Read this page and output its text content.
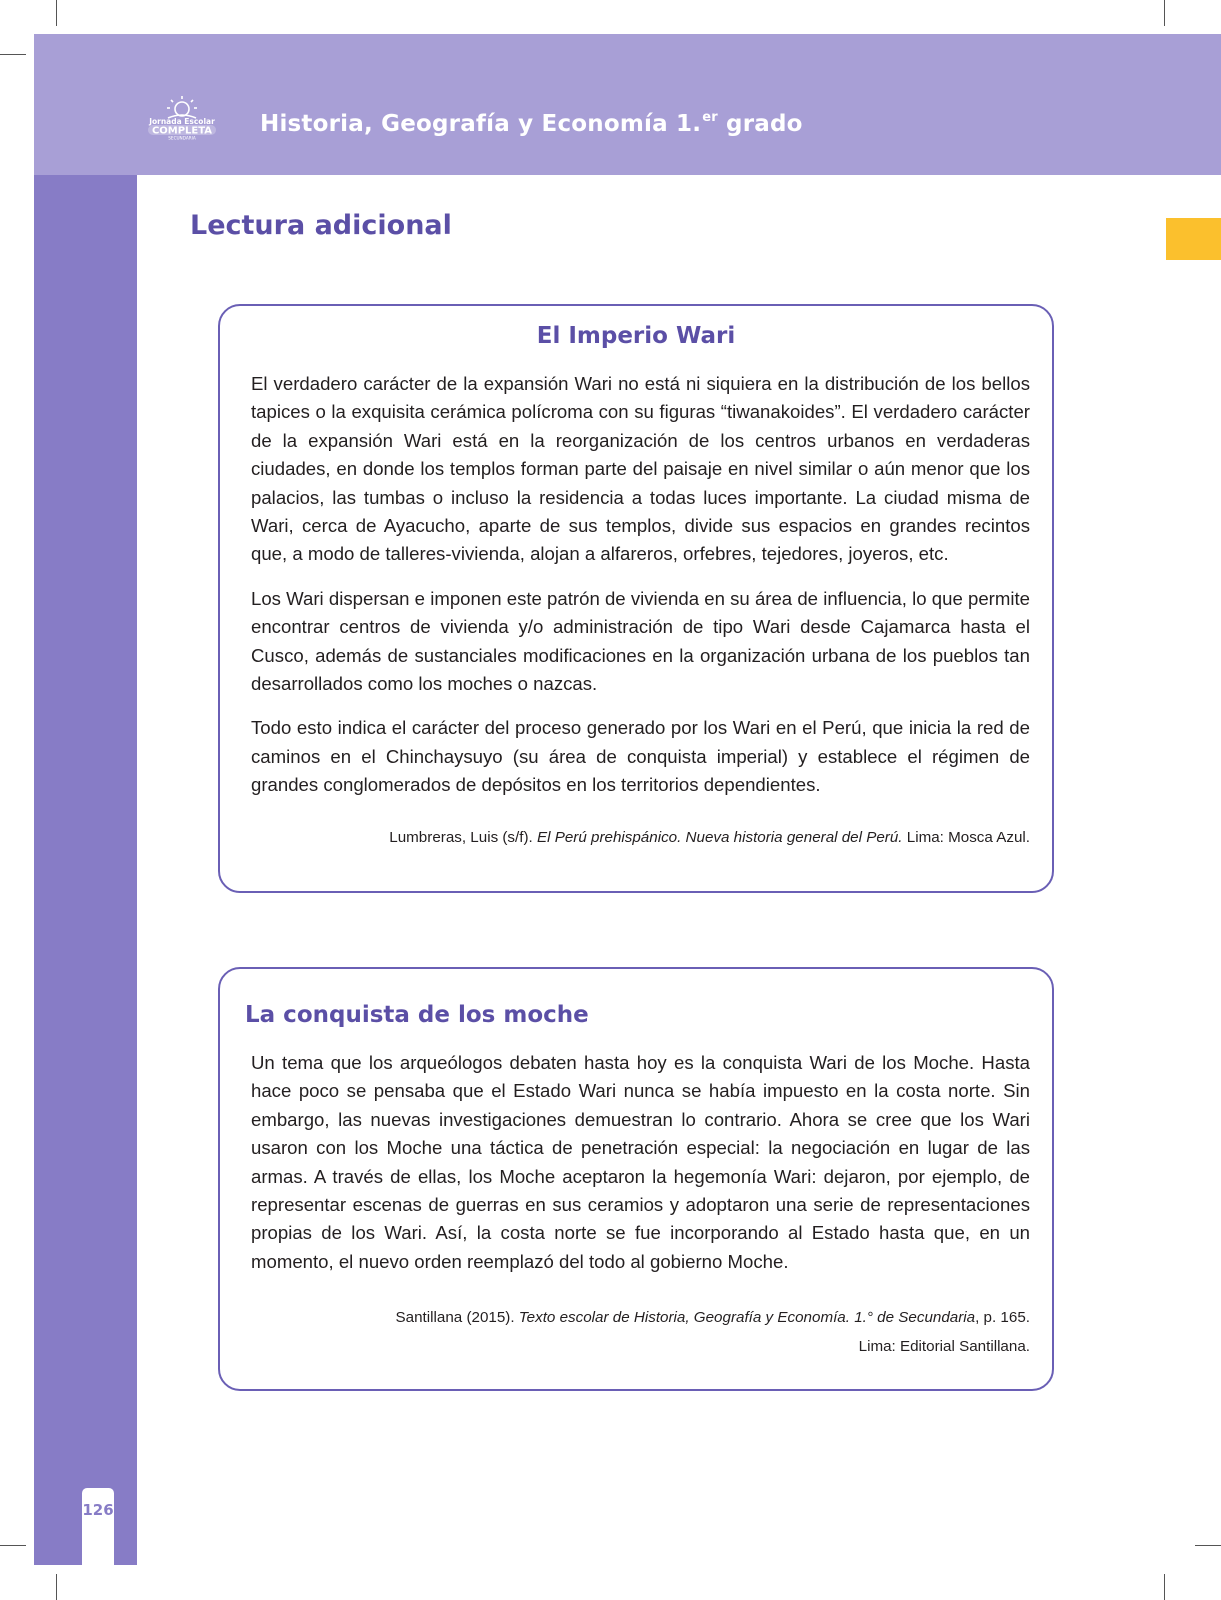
Jornada Escolar
COMPLETA
SECUNDARIA
Historia, Geografía y Economía 1.$^{er}$ grado
126
Lectura adicional
El Imperio Wari

El verdadero carácter de la expansión Wari no está ni siquiera en la distribución de los bellos tapices o la exquisita cerámica polícroma con su figuras “tiwanakoides”. El verdadero carácter de la expansión Wari está en la reorganización de los centros urbanos en verdaderas ciudades, en donde los templos forman parte del paisaje en nivel similar o aún menor que los palacios, las tumbas o incluso la residencia a todas luces importante. La ciudad misma de Wari, cerca de Ayacucho, aparte de sus templos, divide sus espacios en grandes recintos que, a modo de talleres-vivienda, alojan a alfareros, orfebres, tejedores, joyeros, etc.

Los Wari dispersan e imponen este patrón de vivienda en su área de influencia, lo que permite encontrar centros de vivienda y/o administración de tipo Wari desde Cajamarca hasta el Cusco, además de sustanciales modificaciones en la organización urbana de los pueblos tan desarrollados como los moches o nazcas.

Todo esto indica el carácter del proceso generado por los Wari en el Perú, que inicia la red de caminos en el Chinchaysuyo (su área de conquista imperial) y establece el régimen de grandes conglomerados de depósitos en los territorios dependientes.

Lumbreras, Luis (s/f). El Perú prehispánico. Nueva historia general del Perú. Lima: Mosca Azul.
La conquista de los moche

Un tema que los arqueólogos debaten hasta hoy es la conquista Wari de los Moche. Hasta hace poco se pensaba que el Estado Wari nunca se había impuesto en la costa norte. Sin embargo, las nuevas investigaciones demuestran lo contrario. Ahora se cree que los Wari usaron con los Moche una táctica de penetración especial: la negociación en lugar de las armas. A través de ellas, los Moche aceptaron la hegemonía Wari: dejaron, por ejemplo, de representar escenas de guerras en sus ceramios y adoptaron una serie de representaciones propias de los Wari. Así, la costa norte se fue incorporando al Estado hasta que, en un momento, el nuevo orden reemplazó del todo al gobierno Moche.

Santillana (2015). Texto escolar de Historia, Geografía y Economía. 1.° de Secundaria, p. 165.
Lima: Editorial Santillana.
